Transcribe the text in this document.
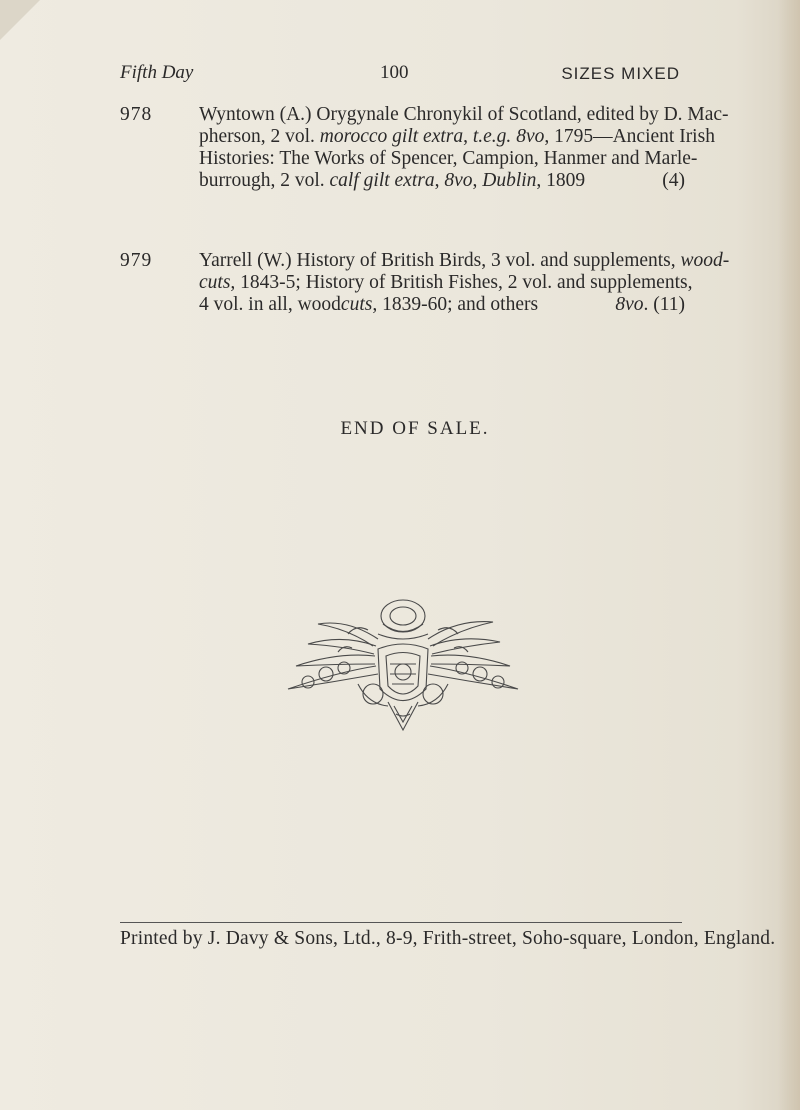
Fifth Day	100	SIZES MIXED
978	Wyntown (A.) Orygynale Chronykil of Scotland, edited by D. Mac-
pherson, 2 vol. morocco gilt extra, t.e.g. 8vo, 1795—Ancient Irish
Histories: The Works of Spencer, Campion, Hanmer and Marle-
burrough, 2 vol. calf gilt extra, 8vo, Dublin, 1809	(4)
979	Yarrell (W.) History of British Birds, 3 vol. and supplements, wood-
cuts, 1843-5; History of British Fishes, 2 vol. and supplements,
4 vol. in all, woodcuts, 1839-60; and others	8vo. (11)
END OF SALE.
Printed by J. Davy & Sons, Ltd., 8-9, Frith-street, Soho-square, London, England.
